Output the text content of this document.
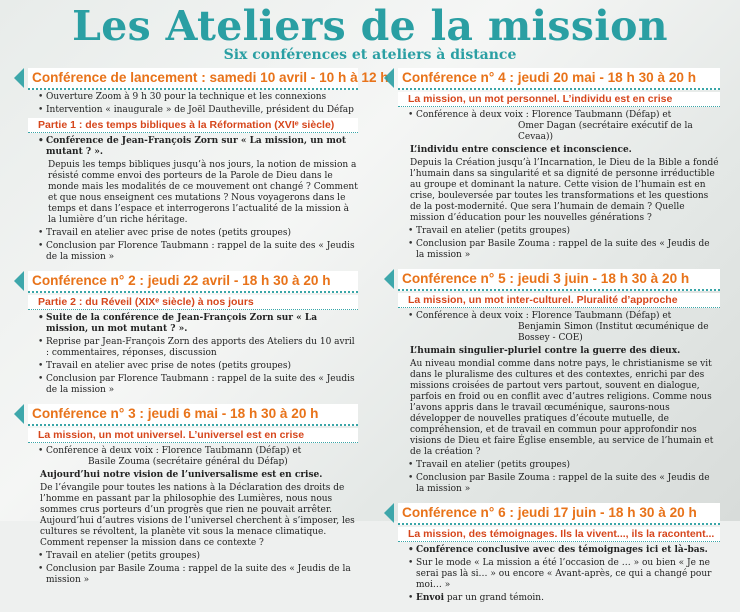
Les Ateliers de la mission
Six conférences et ateliers à distance
Conférence de lancement : samedi 10 avril - 10 h à 12 h
• Ouverture Zoom à 9 h 30 pour la technique et les connexions
• Intervention « inaugurale » de Joël Dautheville, président du Défap
Partie 1 : des temps bibliques à la Réformation (XVIᵉ siècle)
• Conférence de Jean-François Zorn sur « La mission, un mot mutant ? ».
Depuis les temps bibliques jusqu’à nos jours, la notion de mission a résisté comme envoi des porteurs de la Parole de Dieu dans le monde mais les modalités de ce mouvement ont changé ? Comment et que nous enseignent ces mutations ? Nous voyagerons dans le temps et dans l’espace et interrogerons l’actualité de la mission à la lumière d’un riche héritage.
• Travail en atelier avec prise de notes (petits groupes)
• Conclusion par Florence Taubmann : rappel de la suite des « Jeudis de la mission »
Conférence n° 2 : jeudi 22 avril - 18 h 30 à 20 h
Partie 2 : du Réveil (XIXᵉ siècle) à nos jours
• Suite de la conférence de Jean-François Zorn sur « La mission, un mot mutant ? ».
• Reprise par Jean-François Zorn des apports des Ateliers du 10 avril : commentaires, réponses, discussion
• Travail en atelier avec prise de notes (petits groupes)
• Conclusion par Florence Taubmann : rappel de la suite des « Jeudis de la mission »
Conférence n° 3 : jeudi 6 mai - 18 h 30 à 20 h
La mission, un mot universel. L’universel est en crise
• Conférence à deux voix : Florence Taubmann (Défap) et
Basile Zouma (secrétaire général du Défap)
Aujourd’hui notre vision de l’universalisme est en crise.
De l’évangile pour toutes les nations à la Déclaration des droits de l’homme en passant par la philosophie des Lumières, nous nous sommes crus porteurs d’un progrès que rien ne pouvait arrêter. Aujourd’hui d’autres visions de l’universel cherchent à s’imposer, les cultures se révoltent, la planète vit sous la menace climatique. Comment repenser la mission dans ce contexte ?
• Travail en atelier (petits groupes)
• Conclusion par Basile Zouma : rappel de la suite des « Jeudis de la mission »
Conférence n° 4 : jeudi 20 mai - 18 h 30 à 20 h
La mission, un mot personnel. L’individu est en crise
• Conférence à deux voix : Florence Taubmann (Défap) et
Omer Dagan (secrétaire exécutif de la Cevaa))
L’individu entre conscience et inconscience.
Depuis la Création jusqu’à l’Incarnation, le Dieu de la Bible a fondé l’humain dans sa singularité et sa dignité de personne irréductible au groupe et dominant la nature. Cette vision de l’humain est en crise, bouleversée par toutes les transformations et les questions de la post-modernité. Que sera l’humain de demain ? Quelle mission d’éducation pour les nouvelles générations ?
• Travail en atelier (petits groupes)
• Conclusion par Basile Zouma : rappel de la suite des « Jeudis de la mission »
Conférence n° 5 : jeudi 3 juin - 18 h 30 à 20 h
La mission, un mot inter-culturel. Pluralité d’approche
• Conférence à deux voix : Florence Taubmann (Défap) et
Benjamin Simon (Institut œcuménique de Bossey - COE)
L’humain singulier-pluriel contre la guerre des dieux.
Au niveau mondial comme dans notre pays, le christianisme se vit dans le pluralisme des cultures et des contextes, enrichi par des missions croisées de partout vers partout, souvent en dialogue, parfois en froid ou en conflit avec d’autres religions. Comme nous l’avons appris dans le travail œcuménique, saurons-nous développer de nouvelles pratiques d’écoute mutuelle, de compréhension, et de travail en commun pour approfondir nos visions de Dieu et faire Église ensemble, au service de l’humain et de la création ?
• Travail en atelier (petits groupes)
• Conclusion par Basile Zouma : rappel de la suite des « Jeudis de la mission »
Conférence n° 6 : jeudi 17 juin - 18 h 30 à 20 h
La mission, des témoignages. Ils la vivent..., ils la racontent...
• Conférence conclusive avec des témoignages ici et là-bas.
• Sur le mode « La mission a été l’occasion de … » ou bien « Je ne serai pas là si… » ou encore « Avant-après, ce qui a changé pour moi… »
• Envoi par un grand témoin.
